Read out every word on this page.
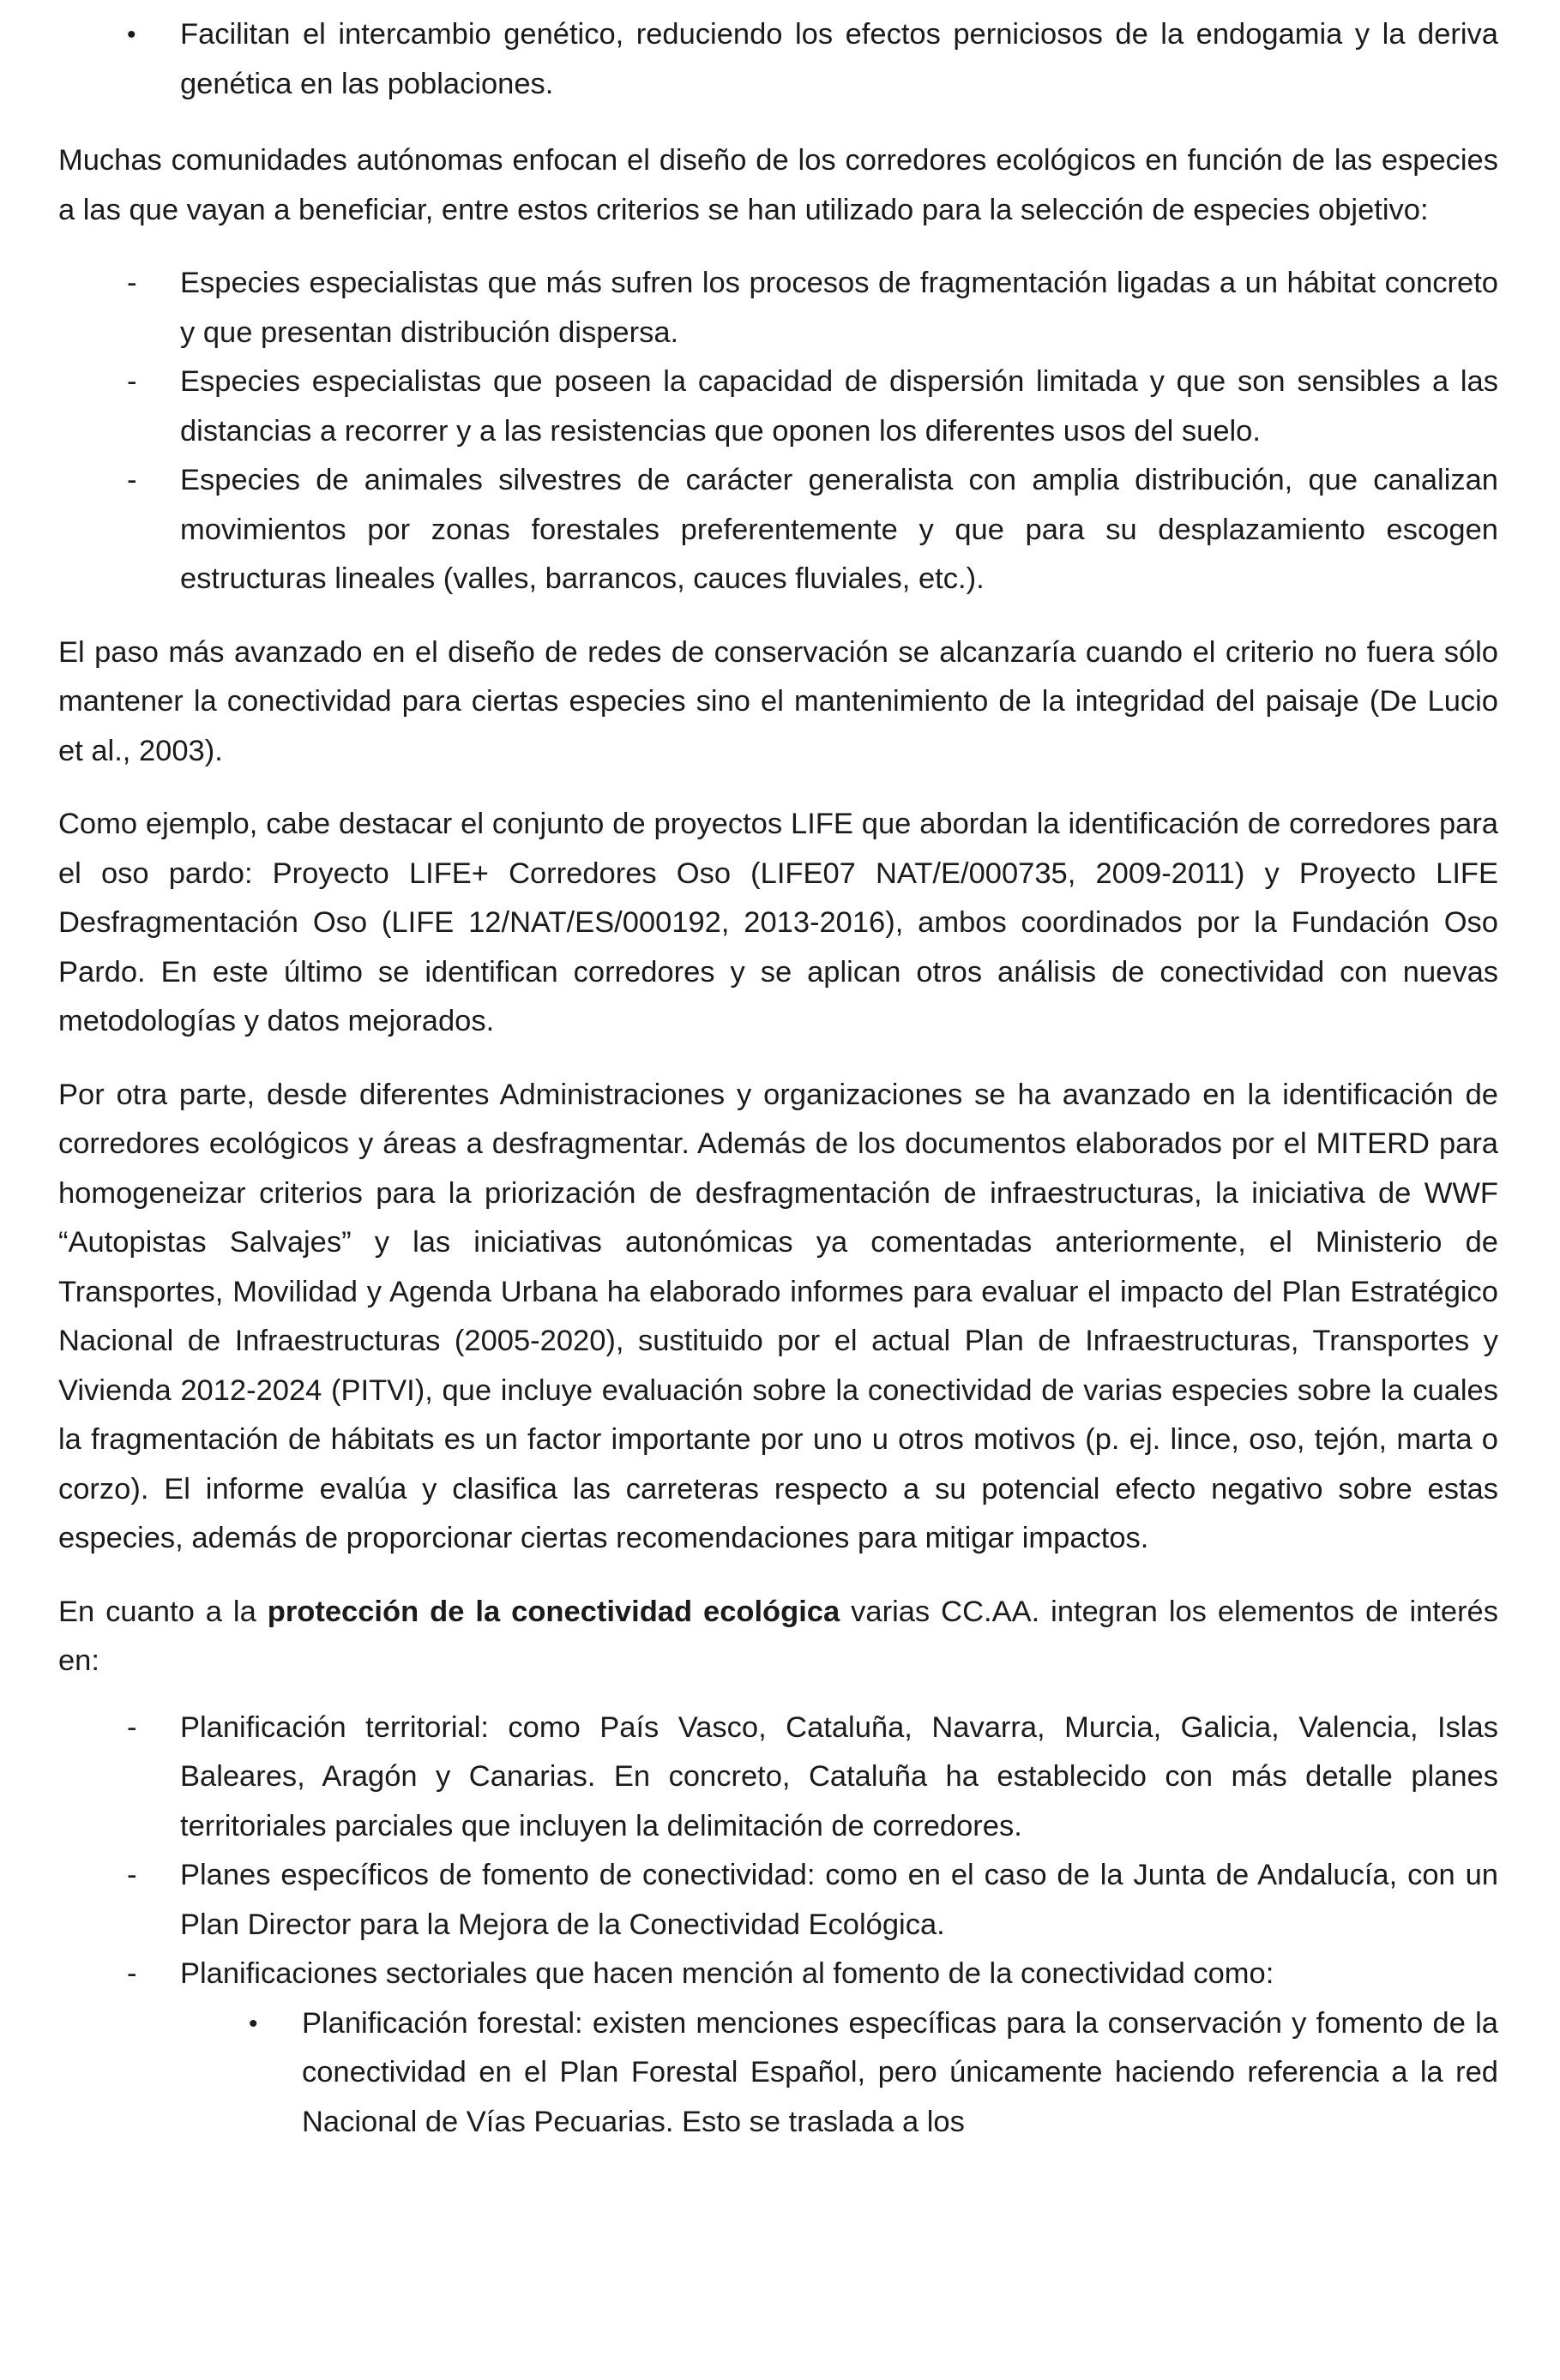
• Facilitan el intercambio genético, reduciendo los efectos perniciosos de la endogamia y la deriva genética en las poblaciones.

Muchas comunidades autónomas enfocan el diseño de los corredores ecológicos en función de las especies a las que vayan a beneficiar, entre estos criterios se han utilizado para la selección de especies objetivo:

- Especies especialistas que más sufren los procesos de fragmentación ligadas a un hábitat concreto y que presentan distribución dispersa.
- Especies especialistas que poseen la capacidad de dispersión limitada y que son sensibles a las distancias a recorrer y a las resistencias que oponen los diferentes usos del suelo.
- Especies de animales silvestres de carácter generalista con amplia distribución, que canalizan movimientos por zonas forestales preferentemente y que para su desplazamiento escogen estructuras lineales (valles, barrancos, cauces fluviales, etc.).

El paso más avanzado en el diseño de redes de conservación se alcanzaría cuando el criterio no fuera sólo mantener la conectividad para ciertas especies sino el mantenimiento de la integridad del paisaje (De Lucio et al., 2003).

Como ejemplo, cabe destacar el conjunto de proyectos LIFE que abordan la identificación de corredores para el oso pardo: Proyecto LIFE+ Corredores Oso (LIFE07 NAT/E/000735, 2009-2011) y Proyecto LIFE Desfragmentación Oso (LIFE 12/NAT/ES/000192, 2013-2016), ambos coordinados por la Fundación Oso Pardo. En este último se identifican corredores y se aplican otros análisis de conectividad con nuevas metodologías y datos mejorados.

Por otra parte, desde diferentes Administraciones y organizaciones se ha avanzado en la identificación de corredores ecológicos y áreas a desfragmentar. Además de los documentos elaborados por el MITERD para homogeneizar criterios para la priorización de desfragmentación de infraestructuras, la iniciativa de WWF “Autopistas Salvajes” y las iniciativas autonómicas ya comentadas anteriormente, el Ministerio de Transportes, Movilidad y Agenda Urbana ha elaborado informes para evaluar el impacto del Plan Estratégico Nacional de Infraestructuras (2005-2020), sustituido por el actual Plan de Infraestructuras, Transportes y Vivienda 2012-2024 (PITVI), que incluye evaluación sobre la conectividad de varias especies sobre la cuales la fragmentación de hábitats es un factor importante por uno u otros motivos (p. ej. lince, oso, tejón, marta o corzo). El informe evalúa y clasifica las carreteras respecto a su potencial efecto negativo sobre estas especies, además de proporcionar ciertas recomendaciones para mitigar impactos.

En cuanto a la protección de la conectividad ecológica varias CC.AA. integran los elementos de interés en:

- Planificación territorial: como País Vasco, Cataluña, Navarra, Murcia, Galicia, Valencia, Islas Baleares, Aragón y Canarias. En concreto, Cataluña ha establecido con más detalle planes territoriales parciales que incluyen la delimitación de corredores.
- Planes específicos de fomento de conectividad: como en el caso de la Junta de Andalucía, con un Plan Director para la Mejora de la Conectividad Ecológica.
- Planificaciones sectoriales que hacen mención al fomento de la conectividad como:
• Planificación forestal: existen menciones específicas para la conservación y fomento de la conectividad en el Plan Forestal Español, pero únicamente haciendo referencia a la red Nacional de Vías Pecuarias. Esto se traslada a los
